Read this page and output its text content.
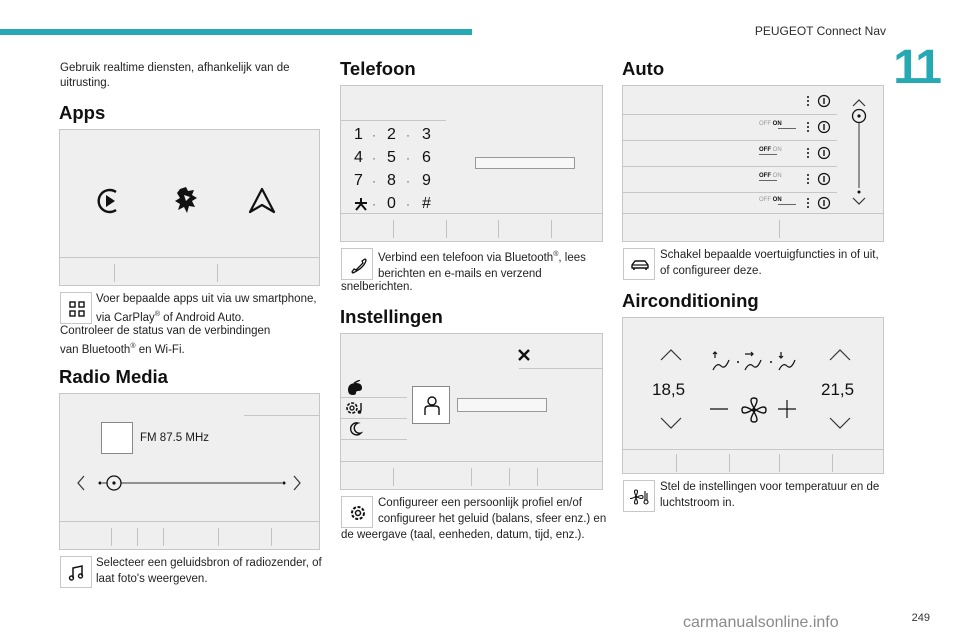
PEUGEOT Connect Nav
11
Gebruik realtime diensten, afhankelijk van de
uitrusting.
Apps
Voer bepaalde apps uit via uw smartphone,
via CarPlay® of Android Auto.
Controleer de status van de verbindingen
van Bluetooth® en Wi-Fi.
Radio Media
FM 87.5 MHz
Selecteer een geluidsbron of radiozender, of
laat foto's weergeven.
Telefoon
1 · 2 · 3
4 · 5 · 6
7 · 8 · 9
· 0 · #
Verbind een telefoon via Bluetooth®, lees
berichten en e-mails en verzend
snelberichten.
Instellingen
Configureer een persoonlijk profiel en/of
configureer het geluid (balans, sfeer enz.) en
de weergave (taal, eenheden, datum, tijd, enz.).
Auto
OFF ON
OFF ON
OFF ON
OFF ON
Schakel bepaalde voertuigfuncties in of uit,
of configureer deze.
Airconditioning
18,5	21,5
Stel de instellingen voor temperatuur en de
luchtstroom in.
carmanualsonline.info	249
